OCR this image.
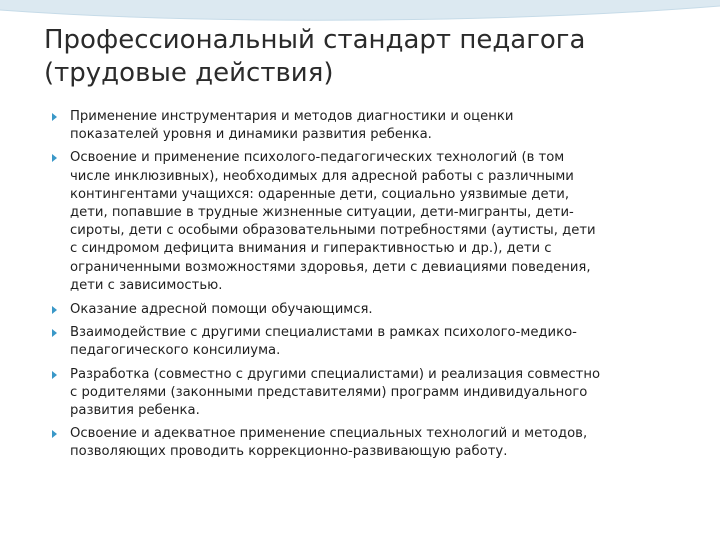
Профессиональный стандарт педагога
(трудовые действия)
Применение инструментария и методов диагностики и оценки
показателей уровня и динамики развития ребенка.
Освоение и применение психолого-педагогических технологий (в том
числе инклюзивных), необходимых для адресной работы с различными
контингентами учащихся: одаренные дети, социально уязвимые дети,
дети, попавшие в трудные жизненные ситуации, дети-мигранты, дети-
сироты, дети с особыми образовательными потребностями (аутисты, дети
с синдромом дефицита внимания и гиперактивностью и др.), дети с
ограниченными возможностями здоровья, дети с девиациями поведения,
дети с зависимостью.
Оказание адресной помощи обучающимся.
Взаимодействие с другими специалистами в рамках психолого-медико-
педагогического консилиума.
Разработка (совместно с другими специалистами) и реализация совместно
с родителями (законными представителями) программ индивидуального
развития ребенка.
Освоение и адекватное применение специальных технологий и методов,
позволяющих проводить коррекционно-развивающую работу.
